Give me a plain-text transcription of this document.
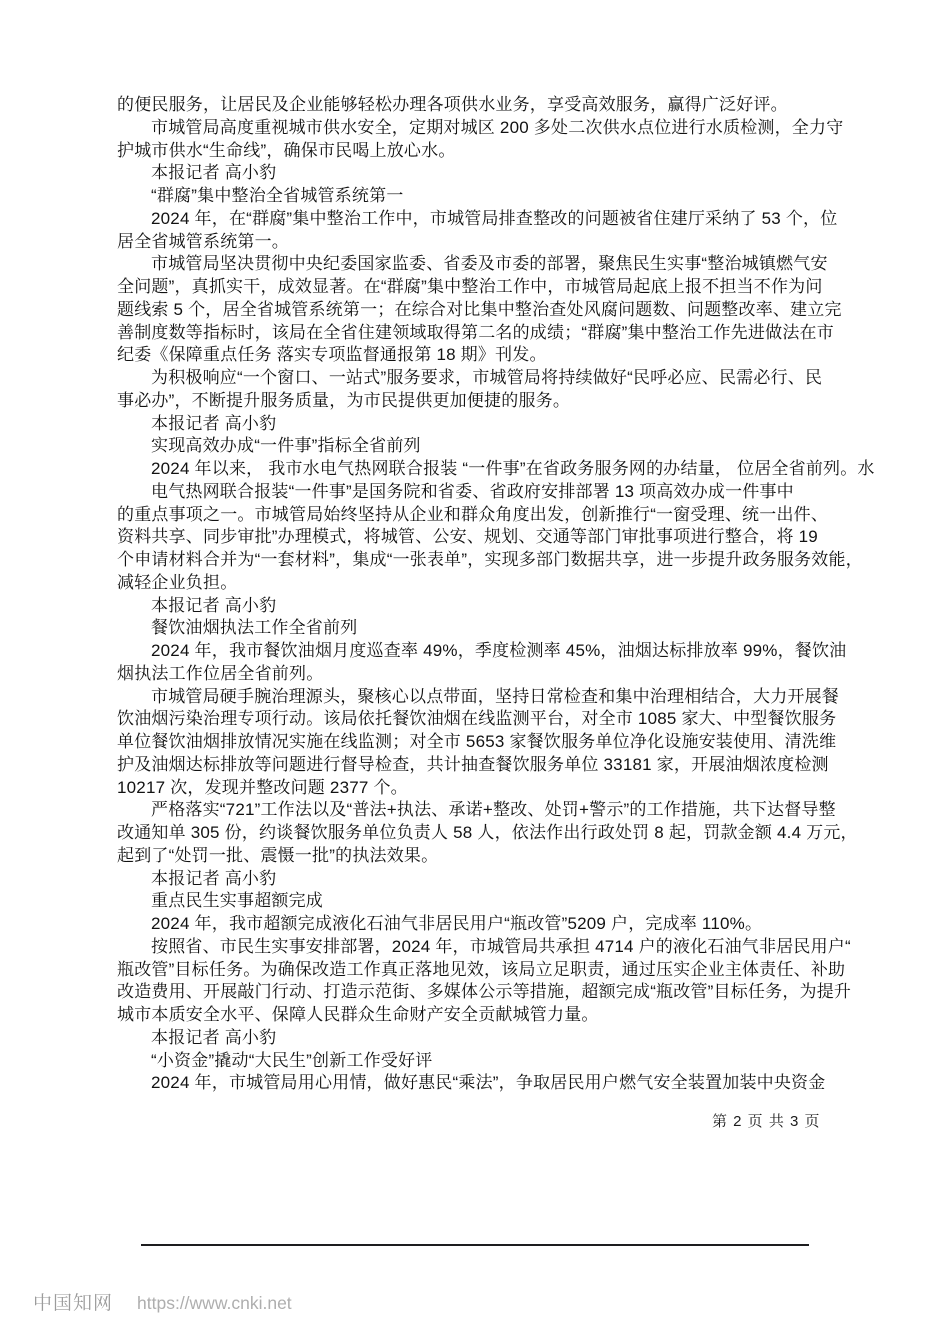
的便民服务，让居民及企业能够轻松办理各项供水业务，享受高效服务，赢得广泛好评。
市城管局高度重视城市供水安全，定期对城区 200 多处二次供水点位进行水质检测，全力守
护城市供水“生命线”，确保市民喝上放心水。
本报记者 高小豹
“群腐”集中整治全省城管系统第一
2024 年，在“群腐”集中整治工作中，市城管局排查整改的问题被省住建厅采纳了 53 个，位
居全省城管系统第一。
市城管局坚决贯彻中央纪委国家监委、省委及市委的部署，聚焦民生实事“整治城镇燃气安
全问题”，真抓实干，成效显著。在“群腐”集中整治工作中，市城管局起底上报不担当不作为问
题线索 5 个，居全省城管系统第一；在综合对比集中整治查处风腐问题数、问题整改率、建立完
善制度数等指标时，该局在全省住建领域取得第二名的成绩；“群腐”集中整治工作先进做法在市
纪委《保障重点任务 落实专项监督通报第 18 期》刊发。
为积极响应“一个窗口、一站式”服务要求，市城管局将持续做好“民呼必应、民需必行、民
事必办”，不断提升服务质量，为市民提供更加便捷的服务。
本报记者 高小豹
实现高效办成“一件事”指标全省前列
2024 年以来， 我市水电气热网联合报装 “一件事”在省政务服务网的办结量， 位居全省前列。水
电气热网联合报装“一件事”是国务院和省委、省政府安排部署 13 项高效办成一件事中
的重点事项之一。市城管局始终坚持从企业和群众角度出发，创新推行“一窗受理、统一出件、
资料共享、同步审批”办理模式，将城管、公安、规划、交通等部门审批事项进行整合，将 19
个申请材料合并为“一套材料”，集成“一张表单”，实现多部门数据共享，进一步提升政务服务效能，
减轻企业负担。
本报记者 高小豹
餐饮油烟执法工作全省前列
2024 年，我市餐饮油烟月度巡查率 49%，季度检测率 45%，油烟达标排放率 99%，餐饮油
烟执法工作位居全省前列。
市城管局硬手腕治理源头，聚核心以点带面，坚持日常检查和集中治理相结合，大力开展餐
饮油烟污染治理专项行动。该局依托餐饮油烟在线监测平台，对全市 1085 家大、中型餐饮服务
单位餐饮油烟排放情况实施在线监测；对全市 5653 家餐饮服务单位净化设施安装使用、清洗维
护及油烟达标排放等问题进行督导检查，共计抽查餐饮服务单位 33181 家，开展油烟浓度检测
10217 次，发现并整改问题 2377 个。
严格落实“721”工作法以及“普法+执法、承诺+整改、处罚+警示”的工作措施，共下达督导整
改通知单 305 份，约谈餐饮服务单位负责人 58 人，依法作出行政处罚 8 起，罚款金额 4.4 万元，
起到了“处罚一批、震慑一批”的执法效果。
本报记者 高小豹
重点民生实事超额完成
2024 年，我市超额完成液化石油气非居民用户“瓶改管”5209 户，完成率 110%。
按照省、市民生实事安排部署，2024 年，市城管局共承担 4714 户的液化石油气非居民用户“
瓶改管”目标任务。为确保改造工作真正落地见效，该局立足职责，通过压实企业主体责任、补助
改造费用、开展敲门行动、打造示范街、多媒体公示等措施，超额完成“瓶改管”目标任务，为提升
城市本质安全水平、保障人民群众生命财产安全贡献城管力量。
本报记者 高小豹
“小资金”撬动“大民生”创新工作受好评
2024 年，市城管局用心用情，做好惠民“乘法”，争取居民用户燃气安全装置加装中央资金
第 2 页 共 3 页
中国知网 https://www.cnki.net
